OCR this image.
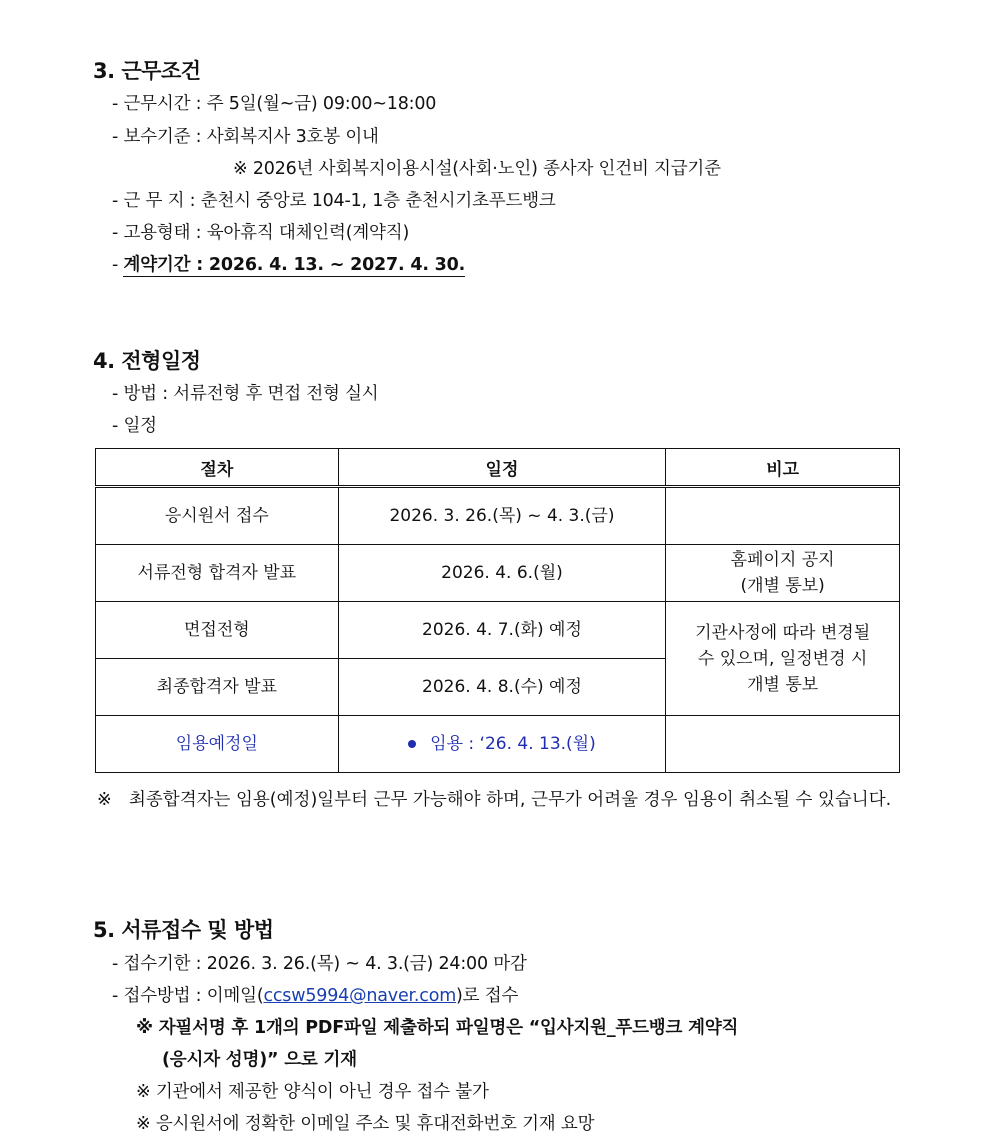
3. 근무조건
- 근무시간 : 주 5일(월~금) 09:00~18:00
- 보수기준 : 사회복지사 3호봉 이내
※ 2026년 사회복지이용시설(사회·노인) 종사자 인건비 지급기준
- 근 무 지 : 춘천시 중앙로 104-1, 1층 춘천시기초푸드뱅크
- 고용형태 : 육아휴직 대체인력(계약직)
- 계약기간 : 2026. 4. 13. ~ 2027. 4. 30.
4. 전형일정
- 방법 : 서류전형 후 면접 전형 실시
- 일정
절차	일정	비고
응시원서 접수	2026. 3. 26.(목) ~ 4. 3.(금)	
서류전형 합격자 발표	2026. 4. 6.(월)	홈페이지 공지
(개별 통보)

면접전형	2026. 4. 7.(화) 예정	기관사정에 따라 변경될
수 있으며, 일정변경 시
개별 통보

최종합격자 발표	2026. 4. 8.(수) 예정	
임용예정일	임용 : ‘26. 4. 13.(월)	
※ 최종합격자는 임용(예정)일부터 근무 가능해야 하며, 근무가 어려울 경우 임용이 취소될 수 있습니다.
5. 서류접수 및 방법
- 접수기한 : 2026. 3. 26.(목) ~ 4. 3.(금) 24:00 마감
- 접수방법 : 이메일(ccsw5994@naver.com)로 접수
※ 자필서명 후 1개의 PDF파일 제출하되 파일명은 “입사지원_푸드뱅크 계약직
(응시자 성명)” 으로 기재
※ 기관에서 제공한 양식이 아닌 경우 접수 불가
※ 응시원서에 정확한 이메일 주소 및 휴대전화번호 기재 요망
